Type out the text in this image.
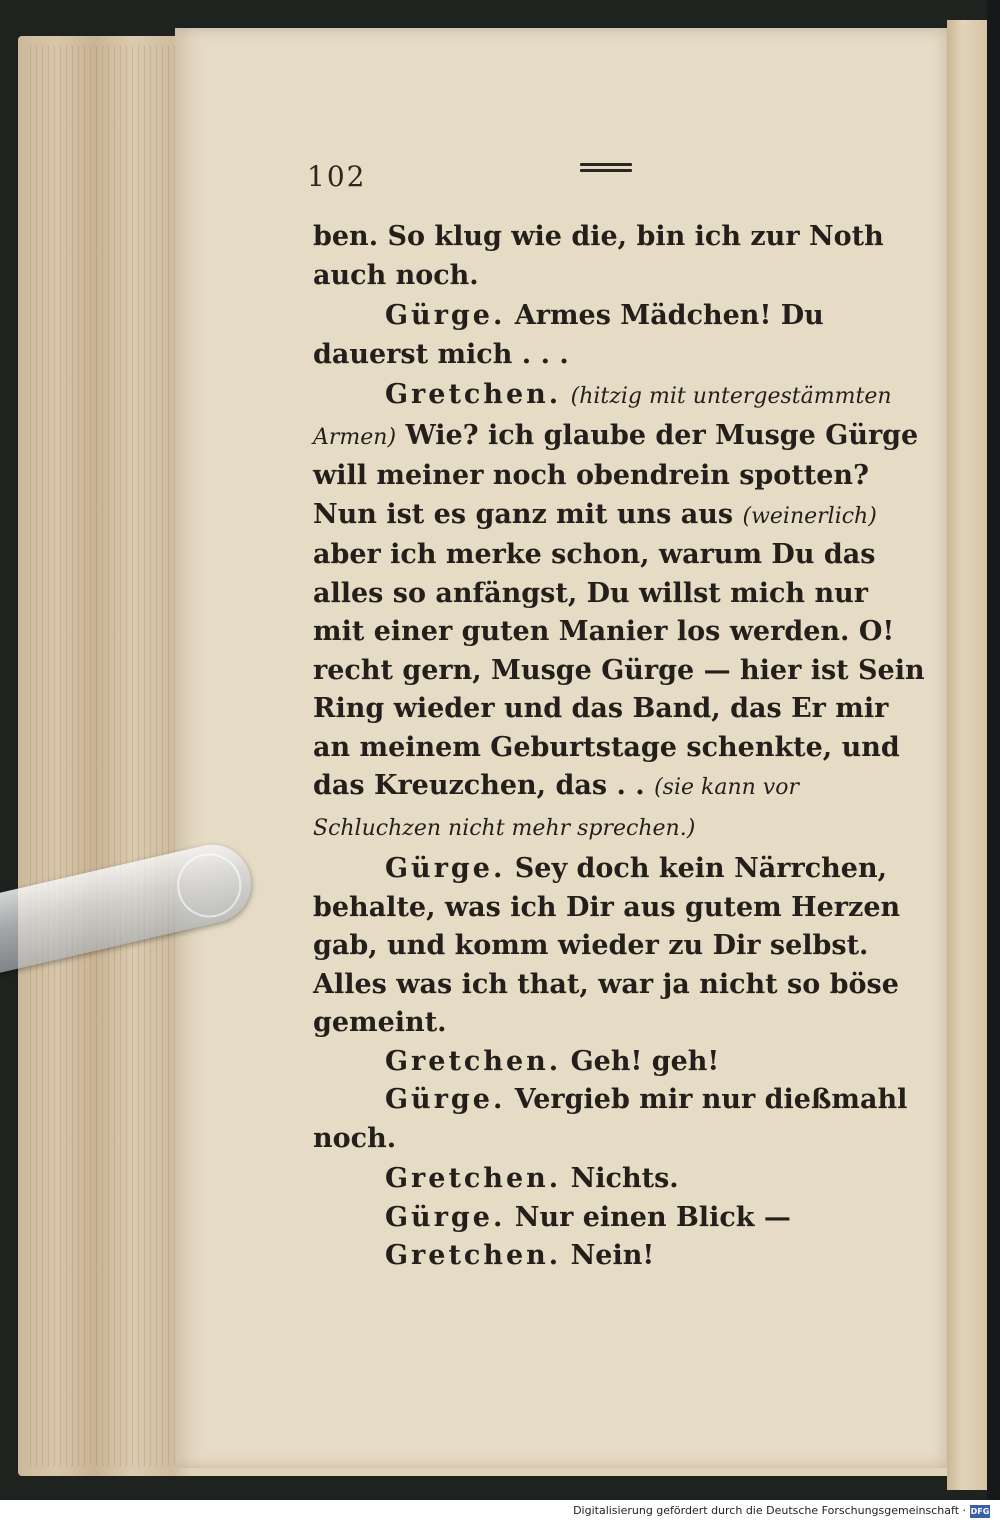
102

ben. So klug wie die, bin ich zur Noth auch noch.

Gürge. Armes Mädchen! Du dauerst mich . . .

Gretchen. (hitzig mit untergestämmten Armen) Wie? ich glaube der Musge Gürge will meiner noch obendrein spotten? Nun ist es ganz mit uns aus (weinerlich) aber ich merke schon, warum Du das alles so anfängst, Du willst mich nur mit einer guten Manier los werden. O! recht gern, Musge Gürge — hier ist Sein Ring wieder und das Band, das Er mir an meinem Geburtstage schenkte, und das Kreuzchen, das . . (sie kann vor Schluchzen nicht mehr sprechen.)

Gürge. Sey doch kein Närrchen, behalte, was ich Dir aus gutem Herzen gab, und komm wieder zu Dir selbst. Alles was ich that, war ja nicht so böse gemeint.

Gretchen. Geh! geh!

Gürge. Vergieb mir nur dießmahl noch.

Gretchen. Nichts.

Gürge. Nur einen Blick —

Gretchen. Nein!

Digitalisierung gefördert durch die Deutsche Forschungsgemeinschaft · DFG
